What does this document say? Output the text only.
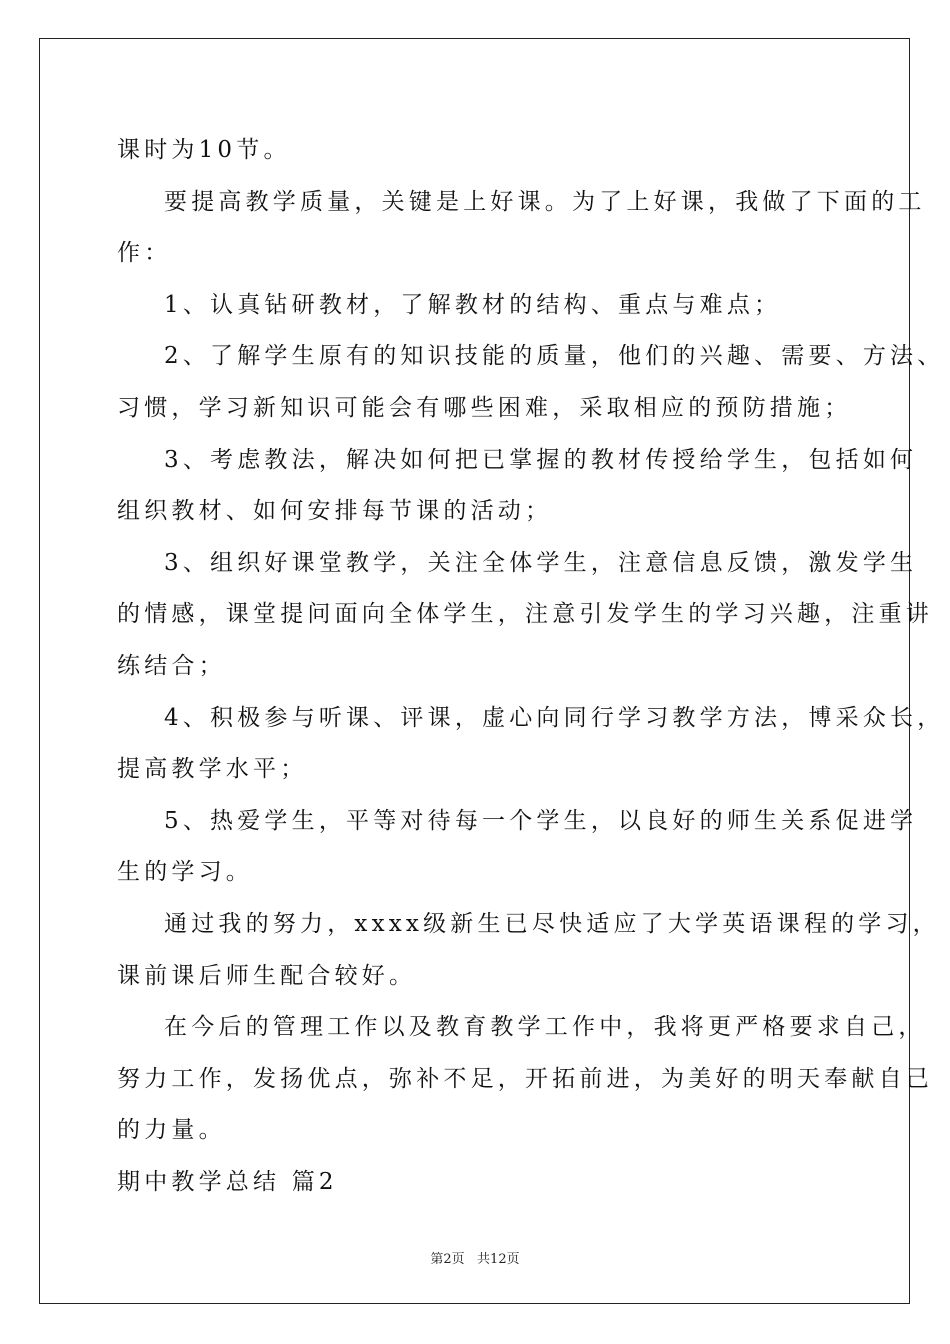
课时为10节。
要提高教学质量，关键是上好课。为了上好课，我做了下面的工
作：
1、认真钻研教材，了解教材的结构、重点与难点；
2、了解学生原有的知识技能的质量，他们的兴趣、需要、方法、
习惯，学习新知识可能会有哪些困难，采取相应的预防措施；
3、考虑教法，解决如何把已掌握的教材传授给学生，包括如何
组织教材、如何安排每节课的活动；
3、组织好课堂教学，关注全体学生，注意信息反馈，激发学生
的情感，课堂提问面向全体学生，注意引发学生的学习兴趣，注重讲
练结合；
4、积极参与听课、评课，虚心向同行学习教学方法，博采众长，
提高教学水平；
5、热爱学生，平等对待每一个学生，以良好的师生关系促进学
生的学习。
通过我的努力，xxxx级新生已尽快适应了大学英语课程的学习，
课前课后师生配合较好。
在今后的管理工作以及教育教学工作中，我将更严格要求自己，
努力工作，发扬优点，弥补不足，开拓前进，为美好的明天奉献自己
的力量。
期中教学总结 篇2
第2页   共12页
